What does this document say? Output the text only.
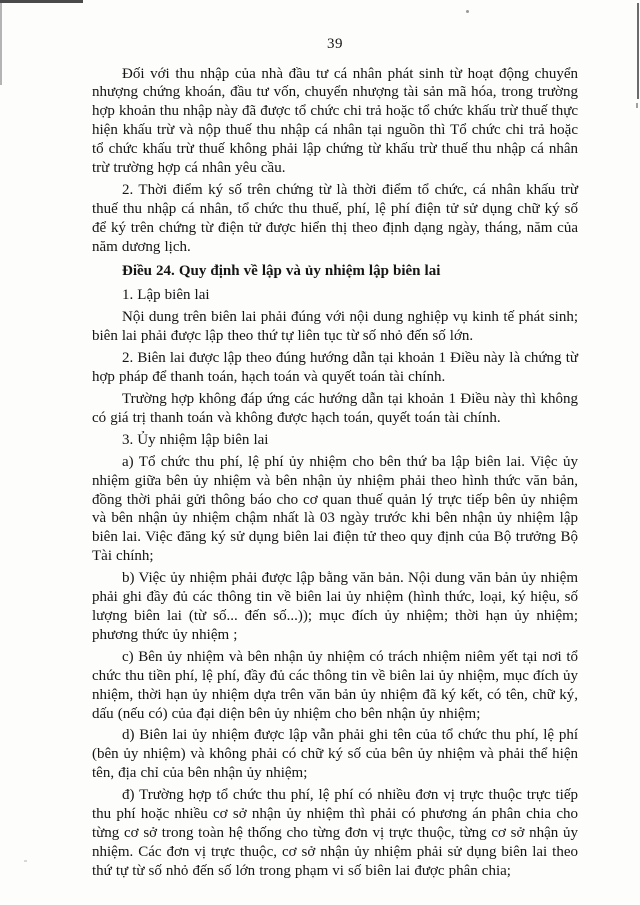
39

Đối với thu nhập của nhà đầu tư cá nhân phát sinh từ hoạt động chuyển nhượng chứng khoán, đầu tư vốn, chuyển nhượng tài sản mã hóa, trong trường hợp khoản thu nhập này đã được tổ chức chi trả hoặc tổ chức khấu trừ thuế thực hiện khấu trừ và nộp thuế thu nhập cá nhân tại nguồn thì Tổ chức chi trả hoặc tổ chức khấu trừ thuế không phải lập chứng từ khấu trừ thuế thu nhập cá nhân trừ trường hợp cá nhân yêu cầu.

2. Thời điểm ký số trên chứng từ là thời điểm tổ chức, cá nhân khấu trừ thuế thu nhập cá nhân, tổ chức thu thuế, phí, lệ phí điện tử sử dụng chữ ký số để ký trên chứng từ điện tử được hiển thị theo định dạng ngày, tháng, năm của năm dương lịch.

Điều 24. Quy định về lập và ủy nhiệm lập biên lai

1. Lập biên lai

Nội dung trên biên lai phải đúng với nội dung nghiệp vụ kinh tế phát sinh; biên lai phải được lập theo thứ tự liên tục từ số nhỏ đến số lớn.

2. Biên lai được lập theo đúng hướng dẫn tại khoản 1 Điều này là chứng từ hợp pháp để thanh toán, hạch toán và quyết toán tài chính.

Trường hợp không đáp ứng các hướng dẫn tại khoản 1 Điều này thì không có giá trị thanh toán và không được hạch toán, quyết toán tài chính.

3. Ủy nhiệm lập biên lai

a) Tổ chức thu phí, lệ phí ủy nhiệm cho bên thứ ba lập biên lai. Việc ủy nhiệm giữa bên ủy nhiệm và bên nhận ủy nhiệm phải theo hình thức văn bản, đồng thời phải gửi thông báo cho cơ quan thuế quản lý trực tiếp bên ủy nhiệm và bên nhận ủy nhiệm chậm nhất là 03 ngày trước khi bên nhận ủy nhiệm lập biên lai. Việc đăng ký sử dụng biên lai điện tử theo quy định của Bộ trưởng Bộ Tài chính;

b) Việc ủy nhiệm phải được lập bằng văn bản. Nội dung văn bản ủy nhiệm phải ghi đầy đủ các thông tin về biên lai ủy nhiệm (hình thức, loại, ký hiệu, số lượng biên lai (từ số... đến số...)); mục đích ủy nhiệm; thời hạn ủy nhiệm; phương thức ủy nhiệm ;

c) Bên ủy nhiệm và bên nhận ủy nhiệm có trách nhiệm niêm yết tại nơi tổ chức thu tiền phí, lệ phí, đầy đủ các thông tin về biên lai ủy nhiệm, mục đích ủy nhiệm, thời hạn ủy nhiệm dựa trên văn bản ủy nhiệm đã ký kết, có tên, chữ ký, dấu (nếu có) của đại diện bên ủy nhiệm cho bên nhận ủy nhiệm;

d) Biên lai ủy nhiệm được lập vẫn phải ghi tên của tổ chức thu phí, lệ phí (bên ủy nhiệm) và không phải có chữ ký số của bên ủy nhiệm và phải thể hiện tên, địa chỉ của bên nhận ủy nhiệm;

đ) Trường hợp tổ chức thu phí, lệ phí có nhiều đơn vị trực thuộc trực tiếp thu phí hoặc nhiều cơ sở nhận ủy nhiệm thì phải có phương án phân chia cho từng cơ sở trong toàn hệ thống cho từng đơn vị trực thuộc, từng cơ sở nhận ủy nhiệm. Các đơn vị trực thuộc, cơ sở nhận ủy nhiệm phải sử dụng biên lai theo thứ tự từ số nhỏ đến số lớn trong phạm vi số biên lai được phân chia;
